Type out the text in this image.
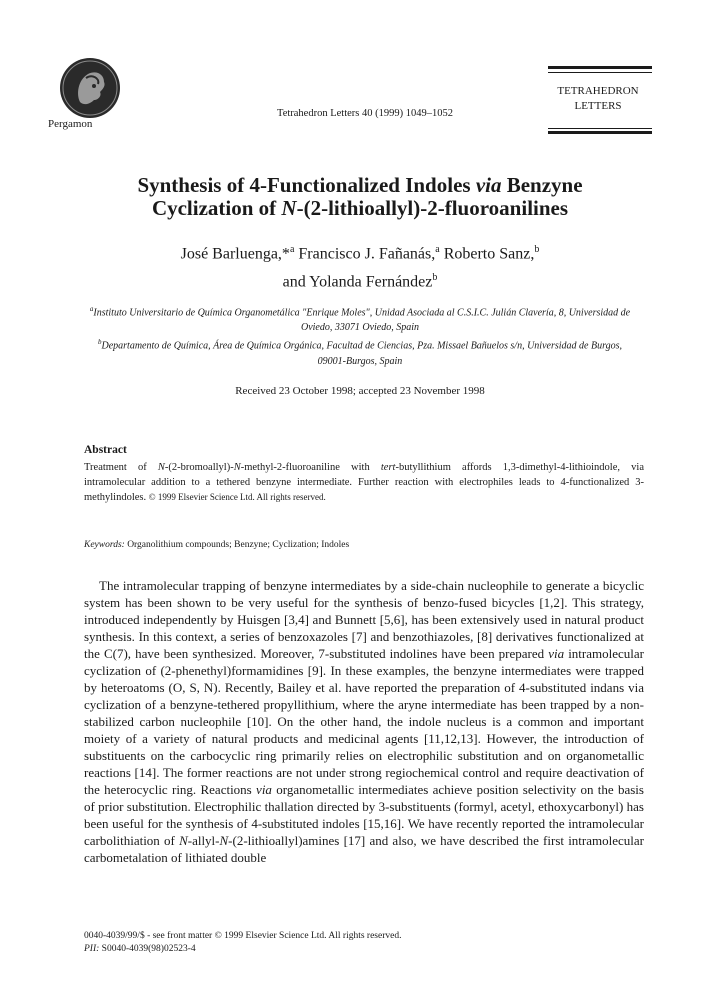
Pergamon
Tetrahedron Letters 40 (1999) 1049–1052
TETRAHEDRON
LETTERS
Synthesis of 4-Functionalized Indoles via Benzyne
Cyclization of N-(2-lithioallyl)-2-fluoroanilines
José Barluenga,*$^a$ Francisco J. Fañanás,$^a$ Roberto Sanz,$^b$
and Yolanda Fernández$^b$
$^a$Instituto Universitario de Química Organometálica "Enrique Moles", Unidad Asociada al C.S.I.C. Julián Clavería, 8, Universidad de
Oviedo, 33071 Oviedo, Spain
$^b$Departamento de Química, Área de Química Orgánica, Facultad de Ciencias, Pza. Missael Bañuelos s/n, Universidad de Burgos,
09001-Burgos, Spain
Received 23 October 1998; accepted 23 November 1998
Abstract
Treatment of N-(2-bromoallyl)-N-methyl-2-fluoroaniline with tert-butyllithium affords 1,3-dimethyl-4-lithioindole, via intramolecular addition to a tethered benzyne intermediate. Further reaction with electrophiles leads to 4-functionalized 3-methylindoles. © 1999 Elsevier Science Ltd. All rights reserved.
Keywords: Organolithium compounds; Benzyne; Cyclization; Indoles

The intramolecular trapping of benzyne intermediates by a side-chain nucleophile to generate a bicyclic system has been shown to be very useful for the synthesis of benzo-fused bicycles [1,2]. This strategy, introduced independently by Huisgen [3,4] and Bunnett [5,6], has been extensively used in natural product synthesis. In this context, a series of benzoxazoles [7] and benzothiazoles, [8] derivatives functionalized at the C(7), have been synthesized. Moreover, 7-substituted indolines have been prepared via intramolecular cyclization of (2-phenethyl)formamidines [9]. In these examples, the benzyne intermediates were trapped by heteroatoms (O, S, N). Recently, Bailey et al. have reported the preparation of 4-substituted indans via cyclization of a benzyne-tethered propyllithium, where the aryne intermediate has been trapped by a non-stabilized carbon nucleophile [10]. On the other hand, the indole nucleus is a common and important moiety of a variety of natural products and medicinal agents [11,12,13]. However, the introduction of substituents on the carbocyclic ring primarily relies on electrophilic substitution and on organometallic reactions [14]. The former reactions are not under strong regiochemical control and require deactivation of the heterocyclic ring. Reactions via organometallic intermediates achieve position selectivity on the basis of prior substitution. Electrophilic thallation directed by 3-substituents (formyl, acetyl, ethoxycarbonyl) has been useful for the synthesis of 4-substituted indoles [15,16]. We have recently reported the intramolecular carbolithiation of N-allyl-N-(2-lithioallyl)amines [17] and also, we have described the first intramolecular carbometalation of lithiated double

0040-4039/99/$ - see front matter © 1999 Elsevier Science Ltd. All rights reserved.
PII: S0040-4039(98)02523-4
